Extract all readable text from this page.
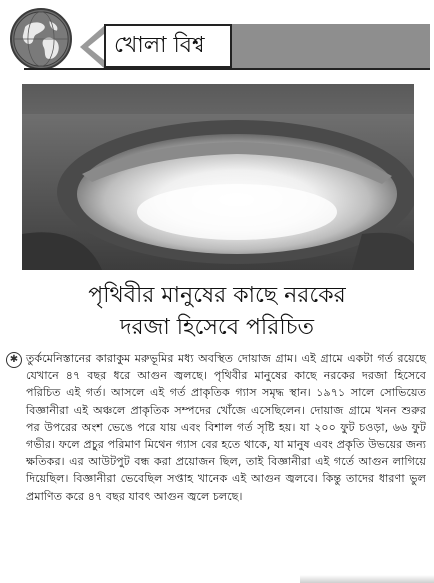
খোলা বিশ্ব
পৃথিবীর মানুষের কাছে নরকের
দরজা হিসেবে পরিচিত
✱ তুর্কমেনিস্তানের কারাকুম মরুভূমির মধ্য অবস্থিত দোয়াজ গ্রাম। এই গ্রামে একটা গর্ত রয়েছে যেখানে ৪৭ বছর ধরে আগুন জ্বলছে। পৃথিবীর মানুষের কাছে নরকের দরজা হিসেবে পরিচিত এই গর্ত। আসলে এই গর্ত প্রাকৃতিক গ্যাস সমৃদ্ধ স্থান। ১৯৭১ সালে সোভিয়েত বিজ্ঞানীরা এই অঞ্চলে প্রাকৃতিক সম্পদের খোঁজে এসেছিলেন। দোয়াজ গ্রামে খনন শুরুর পর উপরের অংশ ভেঙে পরে যায় এবং বিশাল গর্ত সৃষ্টি হয়। যা ২০০ ফুট চওড়া, ৬৬ ফুট গভীর। ফলে প্রচুর পরিমাণ মিথেন গ্যাস বের হতে থাকে, যা মানুষ এবং প্রকৃতি উভয়ের জন্য ক্ষতিকর। এর আউটপুট বন্ধ করা প্রয়োজন ছিল, তাই বিজ্ঞানীরা এই গর্তে আগুন লাগিয়ে দিয়েছিল। বিজ্ঞানীরা ভেবেছিল সপ্তাহ খানেক এই আগুন জ্বলবে। কিন্তু তাদের ধারণা ভুল প্রমাণিত করে ৪৭ বছর যাবৎ আগুন জ্বলে চলছে।
